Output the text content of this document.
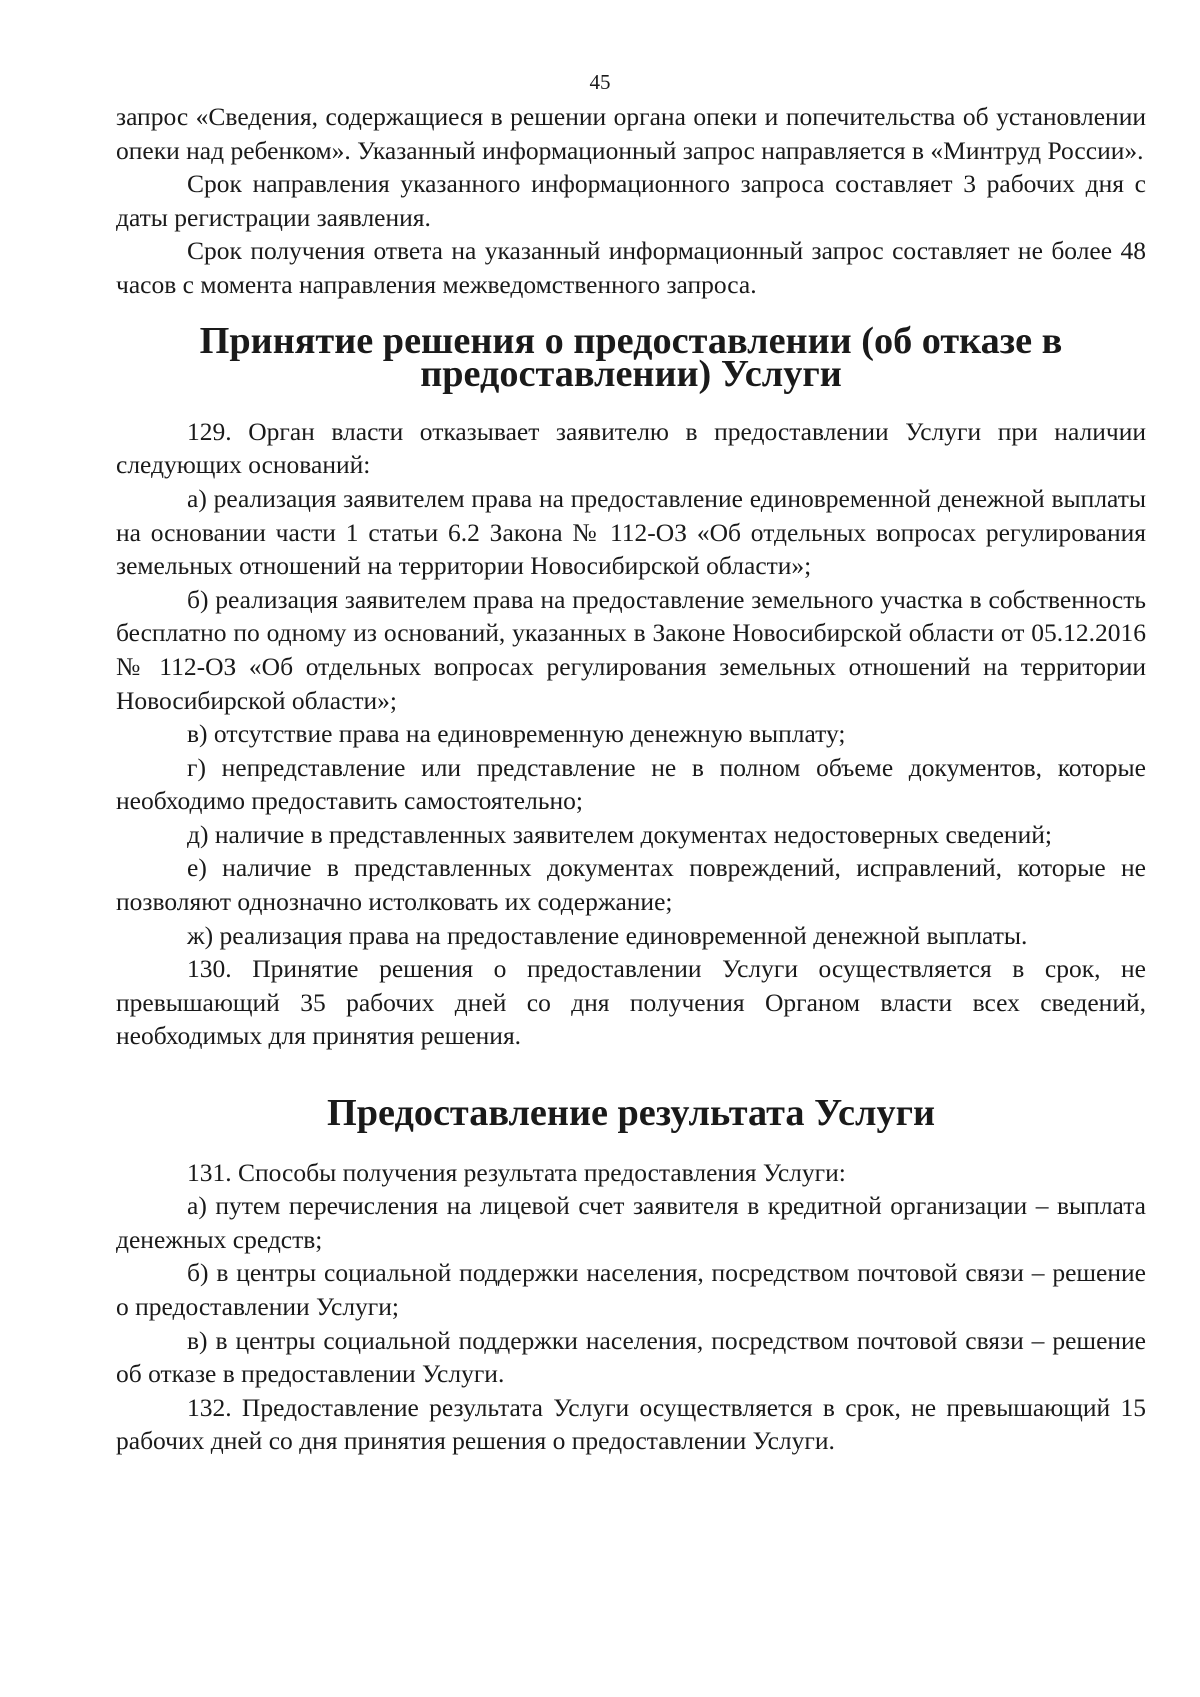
45

запрос «Сведения, содержащиеся в решении органа опеки и попечительства об установлении опеки над ребенком». Указанный информационный запрос направляется в «Минтруд России».

Срок направления указанного информационного запроса составляет 3 рабочих дня с даты регистрации заявления.

Срок получения ответа на указанный информационный запрос составляет не более 48 часов с момента направления межведомственного запроса.

Принятие решения о предоставлении (об отказе в предоставлении) Услуги

129. Орган власти отказывает заявителю в предоставлении Услуги при наличии следующих оснований:

а) реализация заявителем права на предоставление единовременной денежной выплаты на основании части 1 статьи 6.2 Закона № 112-ОЗ «Об отдельных вопросах регулирования земельных отношений на территории Новосибирской области»;

б) реализация заявителем права на предоставление земельного участка в собственность бесплатно по одному из оснований, указанных в Законе Новосибирской области от 05.12.2016 № 112-ОЗ «Об отдельных вопросах регулирования земельных отношений на территории Новосибирской области»;

в) отсутствие права на единовременную денежную выплату;

г) непредставление или представление не в полном объеме документов, которые необходимо предоставить самостоятельно;

д) наличие в представленных заявителем документах недостоверных сведений;

е) наличие в представленных документах повреждений, исправлений, которые не позволяют однозначно истолковать их содержание;

ж) реализация права на предоставление единовременной денежной выплаты.

130. Принятие решения о предоставлении Услуги осуществляется в срок, не превышающий 35 рабочих дней со дня получения Органом власти всех сведений, необходимых для принятия решения.

Предоставление результата Услуги

131. Способы получения результата предоставления Услуги:

а) путем перечисления на лицевой счет заявителя в кредитной организации – выплата денежных средств;

б) в центры социальной поддержки населения, посредством почтовой связи – решение о предоставлении Услуги;

в) в центры социальной поддержки населения, посредством почтовой связи – решение об отказе в предоставлении Услуги.

132. Предоставление результата Услуги осуществляется в срок, не превышающий 15 рабочих дней со дня принятия решения о предоставлении Услуги.
